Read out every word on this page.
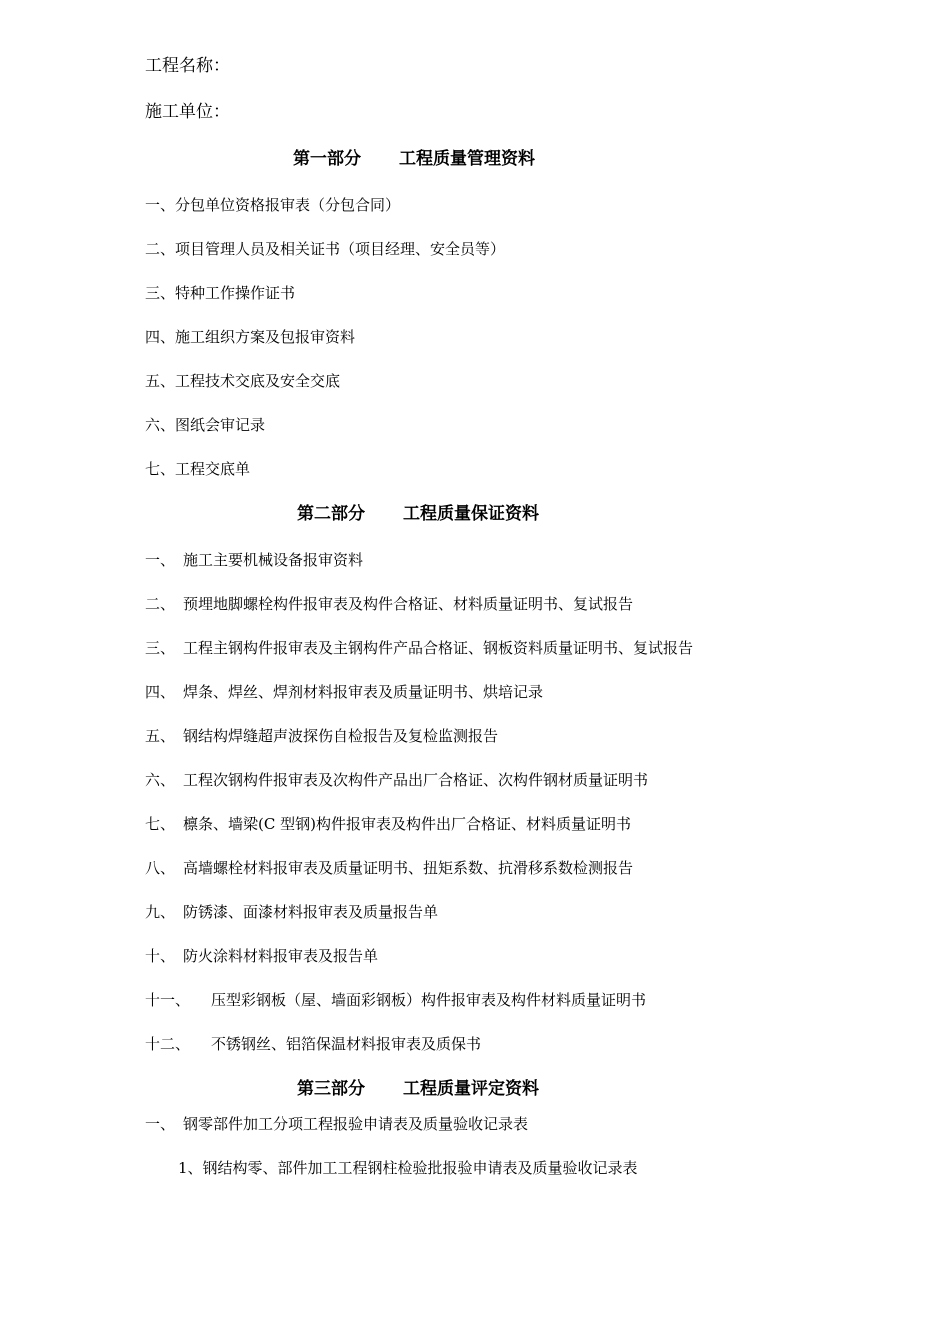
工程名称：
施工单位：
第一部分 工程质量管理资料
一、分包单位资格报审表（分包合同）
二、项目管理人员及相关证书（项目经理、安全员等）
三、特种工作操作证书
四、施工组织方案及包报审资料
五、工程技术交底及安全交底
六、图纸会审记录
七、工程交底单
第二部分 工程质量保证资料
一、 施工主要机械设备报审资料
二、 预埋地脚螺栓构件报审表及构件合格证、材料质量证明书、复试报告
三、 工程主钢构件报审表及主钢构件产品合格证、钢板资料质量证明书、复试报告
四、 焊条、焊丝、焊剂材料报审表及质量证明书、烘培记录
五、 钢结构焊缝超声波探伤自检报告及复检监测报告
六、 工程次钢构件报审表及次构件产品出厂合格证、次构件钢材质量证明书
七、 檩条、墙梁(C 型钢)构件报审表及构件出厂合格证、材料质量证明书
八、 高墙螺栓材料报审表及质量证明书、扭矩系数、抗滑移系数检测报告
九、 防锈漆、面漆材料报审表及质量报告单
十、 防火涂料材料报审表及报告单
十一、 压型彩钢板（屋、墙面彩钢板）构件报审表及构件材料质量证明书
十二、 不锈钢丝、铝箔保温材料报审表及质保书
第三部分 工程质量评定资料
一、 钢零部件加工分项工程报验申请表及质量验收记录表
1、钢结构零、部件加工工程钢柱检验批报验申请表及质量验收记录表
